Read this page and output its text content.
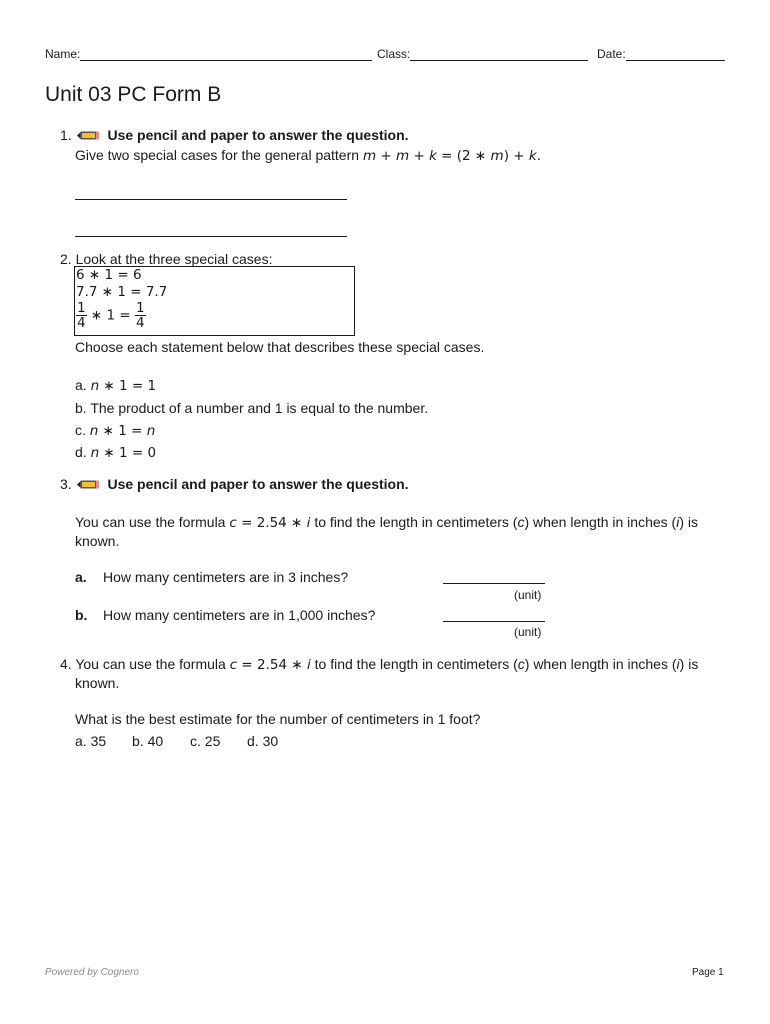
Name:	Class:	Date:
Unit 03 PC Form B
1.	Use pencil and paper to answer the question.
Give two special cases for the general pattern m + m + k = (2 ∗ m) + k.
2. Look at the three special cases:
6 ∗ 1 = 6
7.7 ∗ 1 = 7.7
$\frac{1}{4}$ ∗ $1 = \frac{1}{4}$
Choose each statement below that describes these special cases.
a. n ∗ 1 = 1
b. The product of a number and 1 is equal to the number.
c. n ∗ 1 = n
d. n ∗ 1 = 0
3.	Use pencil and paper to answer the question.
You can use the formula c = 2.54 ∗ i to find the length in centimeters (c) when length in inches (i) is
known.
a. How many centimeters are in 3 inches?
(unit)
b. How many centimeters are in 1,000 inches?
(unit)
4. You can use the formula c = 2.54 ∗ i to find the length in centimeters (c) when length in inches (i) is
known.
What is the best estimate for the number of centimeters in 1 foot?
a. 35 b. 40 c. 25 d. 30
Powered by Cognero	Page 1
